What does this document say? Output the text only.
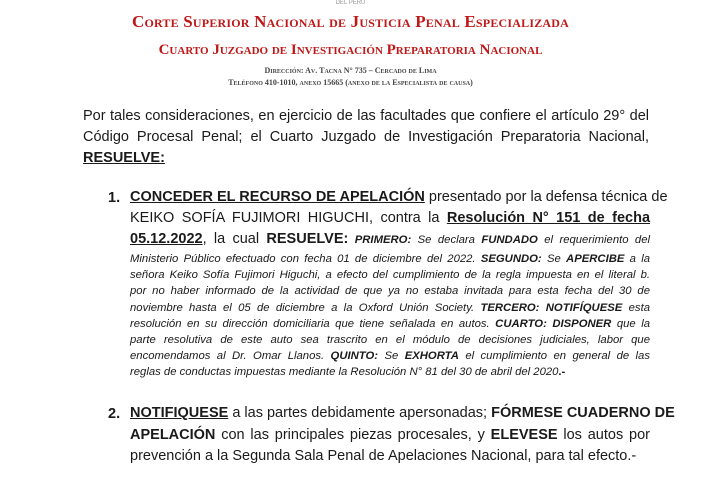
DEL PERÚ
Corte Superior Nacional de Justicia Penal Especializada
Cuarto Juzgado de Investigación Preparatoria Nacional
Dirección: Av. Tacna N° 735 – Cercado de Lima
Teléfono 410-1010, anexo 15665 (anexo de la Especialista de causa)
Por tales consideraciones, en ejercicio de las facultades que confiere el artículo 29° del
Código Procesal Penal; el Cuarto Juzgado de Investigación Preparatoria Nacional,
RESUELVE:
1. CONCEDER EL RECURSO DE APELACIÓN presentado por la defensa técnica de
KEIKO SOFÍA FUJIMORI HIGUCHI, contra la Resolución N° 151 de fecha
05.12.2022, la cual RESUELVE: PRIMERO: Se declara FUNDADO el requerimiento del
Ministerio Público efectuado con fecha 01 de diciembre del 2022. SEGUNDO: Se APERCIBE a la
señora Keiko Sofía Fujimori Higuchi, a efecto del cumplimiento de la regla impuesta en el literal b.
por no haber informado de la actividad de que ya no estaba invitada para esta fecha del 30 de
noviembre hasta el 05 de diciembre a la Oxford Unión Society. TERCERO: NOTIFÍQUESE esta
resolución en su dirección domiciliaria que tiene señalada en autos. CUARTO: DISPONER que la
parte resolutiva de este auto sea trascrito en el módulo de decisiones judiciales, labor que
encomendamos al Dr. Omar Llanos. QUINTO: Se EXHORTA el cumplimiento en general de las
reglas de conductas impuestas mediante la Resolución N° 81 del 30 de abril del 2020.-
2. NOTIFIQUESE a las partes debidamente apersonadas; FÓRMESE CUADERNO DE
APELACIÓN con las principales piezas procesales, y ELEVESE los autos por
prevención a la Segunda Sala Penal de Apelaciones Nacional, para tal efecto.-
